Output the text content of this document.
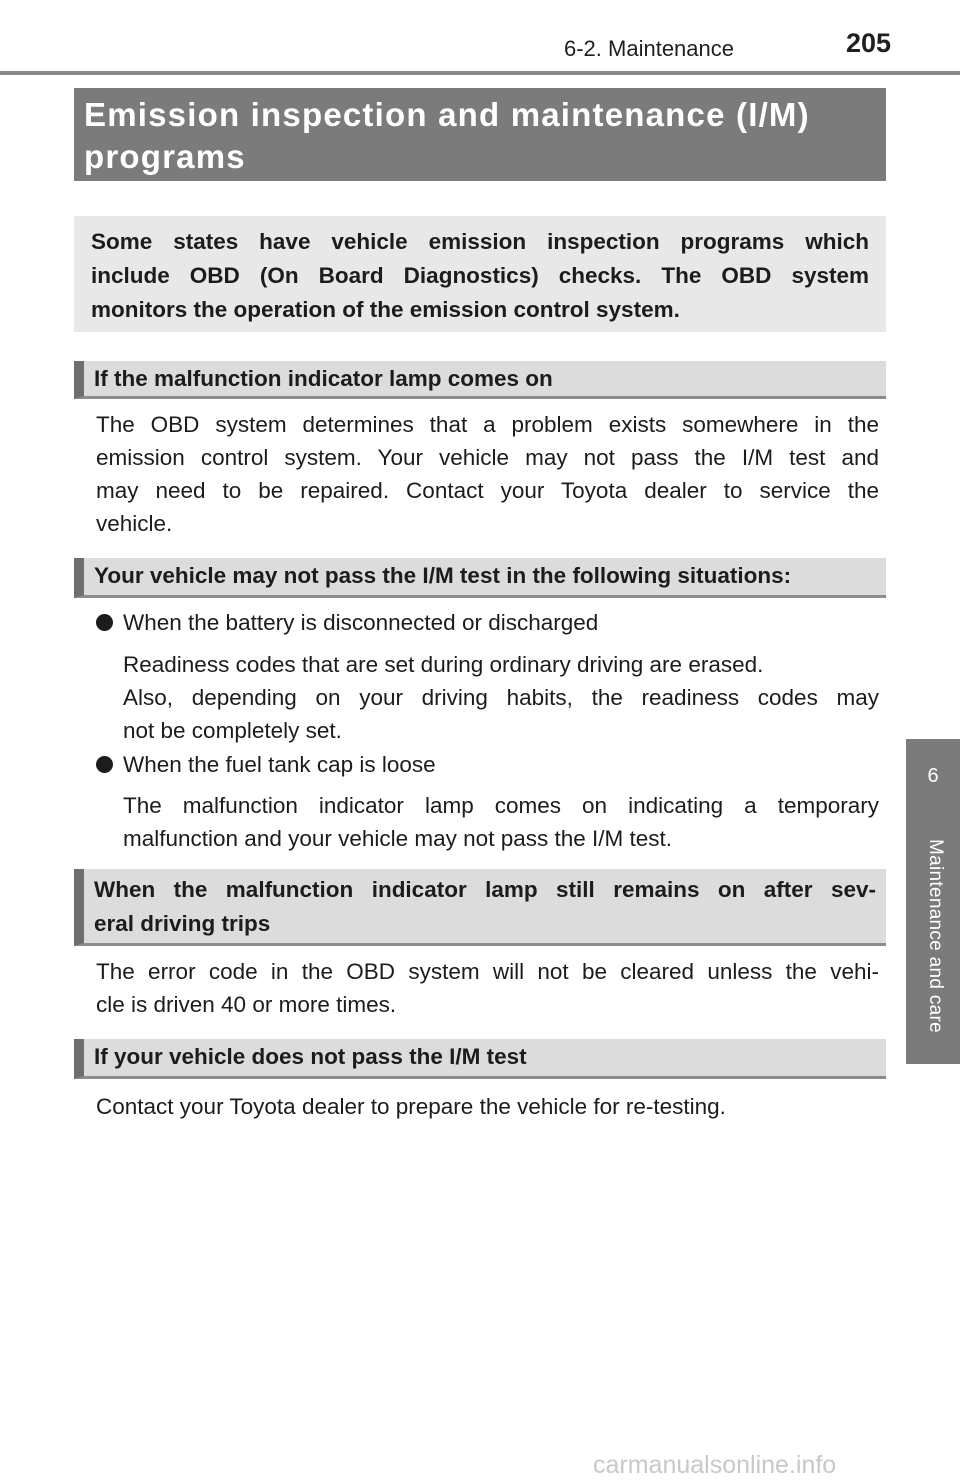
6-2. Maintenance	205
Emission inspection and maintenance (I/M)
programs
Some states have vehicle emission inspection programs which
include OBD (On Board Diagnostics) checks. The OBD system
monitors the operation of the emission control system.
If the malfunction indicator lamp comes on
The OBD system determines that a problem exists somewhere in the
emission control system. Your vehicle may not pass the I/M test and
may need to be repaired. Contact your Toyota dealer to service the
vehicle.
Your vehicle may not pass the I/M test in the following situations:
When the battery is disconnected or discharged
Readiness codes that are set during ordinary driving are erased.
Also, depending on your driving habits, the readiness codes may
not be completely set.
When the fuel tank cap is loose
The malfunction indicator lamp comes on indicating a temporary
malfunction and your vehicle may not pass the I/M test.
When the malfunction indicator lamp still remains on after sev-
eral driving trips
The error code in the OBD system will not be cleared unless the vehi-
cle is driven 40 or more times.
If your vehicle does not pass the I/M test
Contact your Toyota dealer to prepare the vehicle for re-testing.
6
Maintenance and care
carmanualsonline.info
